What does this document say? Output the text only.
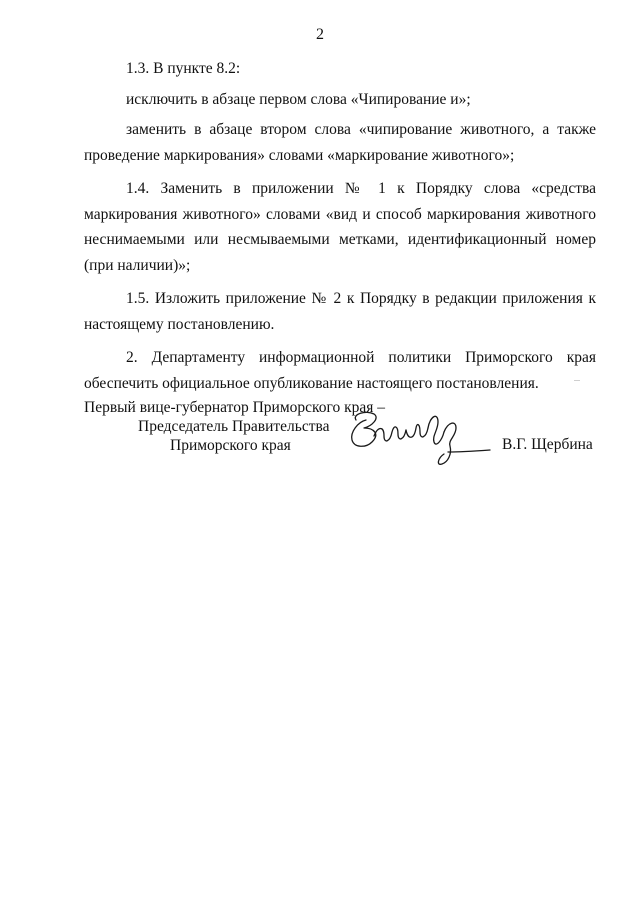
2

1.3. В пункте 8.2:

исключить в абзаце первом слова «Чипирование и»;

заменить в абзаце втором слова «чипирование животного, а также проведение маркирования» словами «маркирование животного»;

1.4. Заменить в приложении № 1 к Порядку слова «средства маркирования животного» словами «вид и способ маркирования животного неснимаемыми или несмываемыми метками, идентификационный номер (при наличии)»;

1.5. Изложить приложение № 2 к Порядку в редакции приложения к настоящему постановлению.

2. Департаменту информационной политики Приморского края обеспечить официальное опубликование настоящего постановления.

Первый вице-губернатор Приморского края –
Председатель Правительства
Приморского края	В.Г. Щербина
